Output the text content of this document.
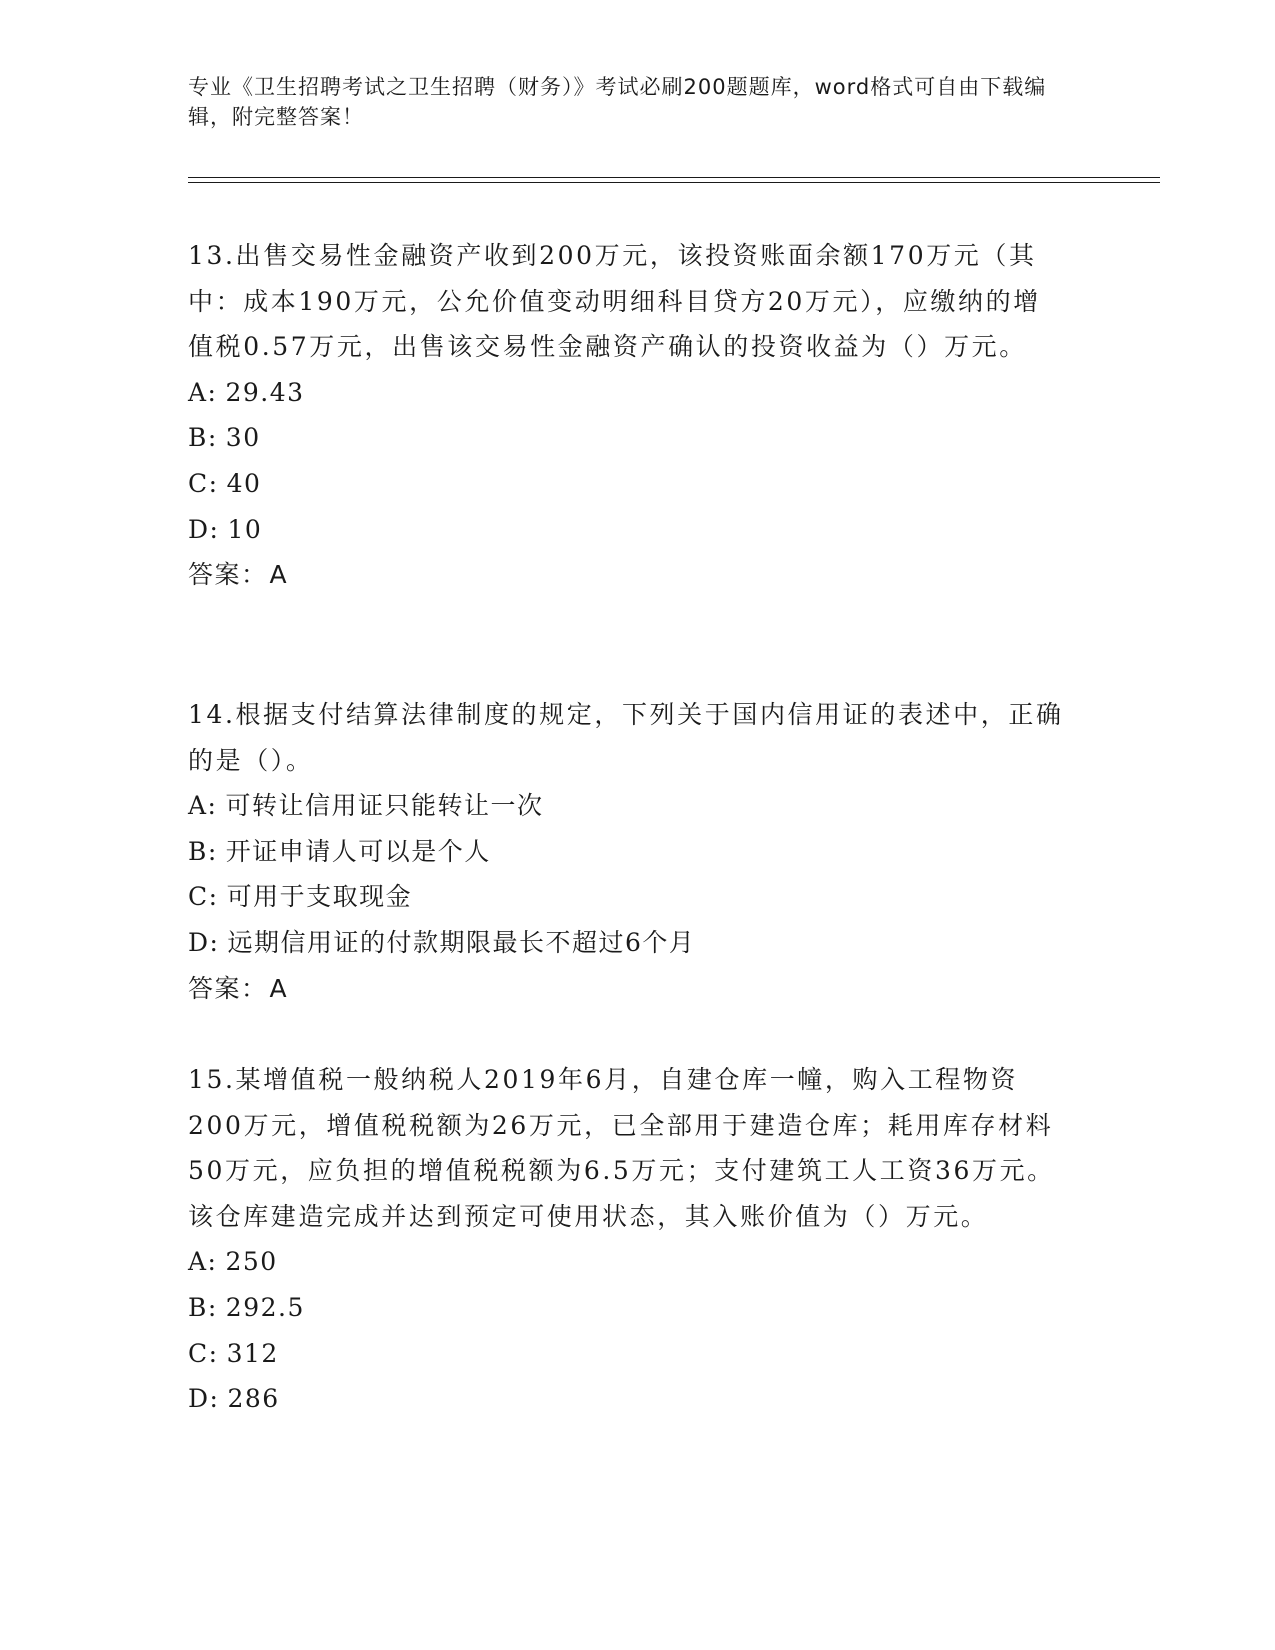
专业《卫生招聘考试之卫生招聘（财务）》考试必刷200题题库，word格式可自由下载编辑，附完整答案！

13.出售交易性金融资产收到200万元，该投资账面余额170万元（其中：成本190万元，公允价值变动明细科目贷方20万元），应缴纳的增值税0.57万元，出售该交易性金融资产确认的投资收益为（）万元。

A: 29.43
B: 30
C: 40
D: 10
答案：A

14.根据支付结算法律制度的规定，下列关于国内信用证的表述中，正确的是（）。

A: 可转让信用证只能转让一次
B: 开证申请人可以是个人
C: 可用于支取现金
D: 远期信用证的付款期限最长不超过6个月
答案：A

15.某增值税一般纳税人2019年6月，自建仓库一幢，购入工程物资200万元，增值税税额为26万元，已全部用于建造仓库；耗用库存材料50万元，应负担的增值税税额为6.5万元；支付建筑工人工资36万元。该仓库建造完成并达到预定可使用状态，其入账价值为（）万元。

A: 250
B: 292.5
C: 312
D: 286
